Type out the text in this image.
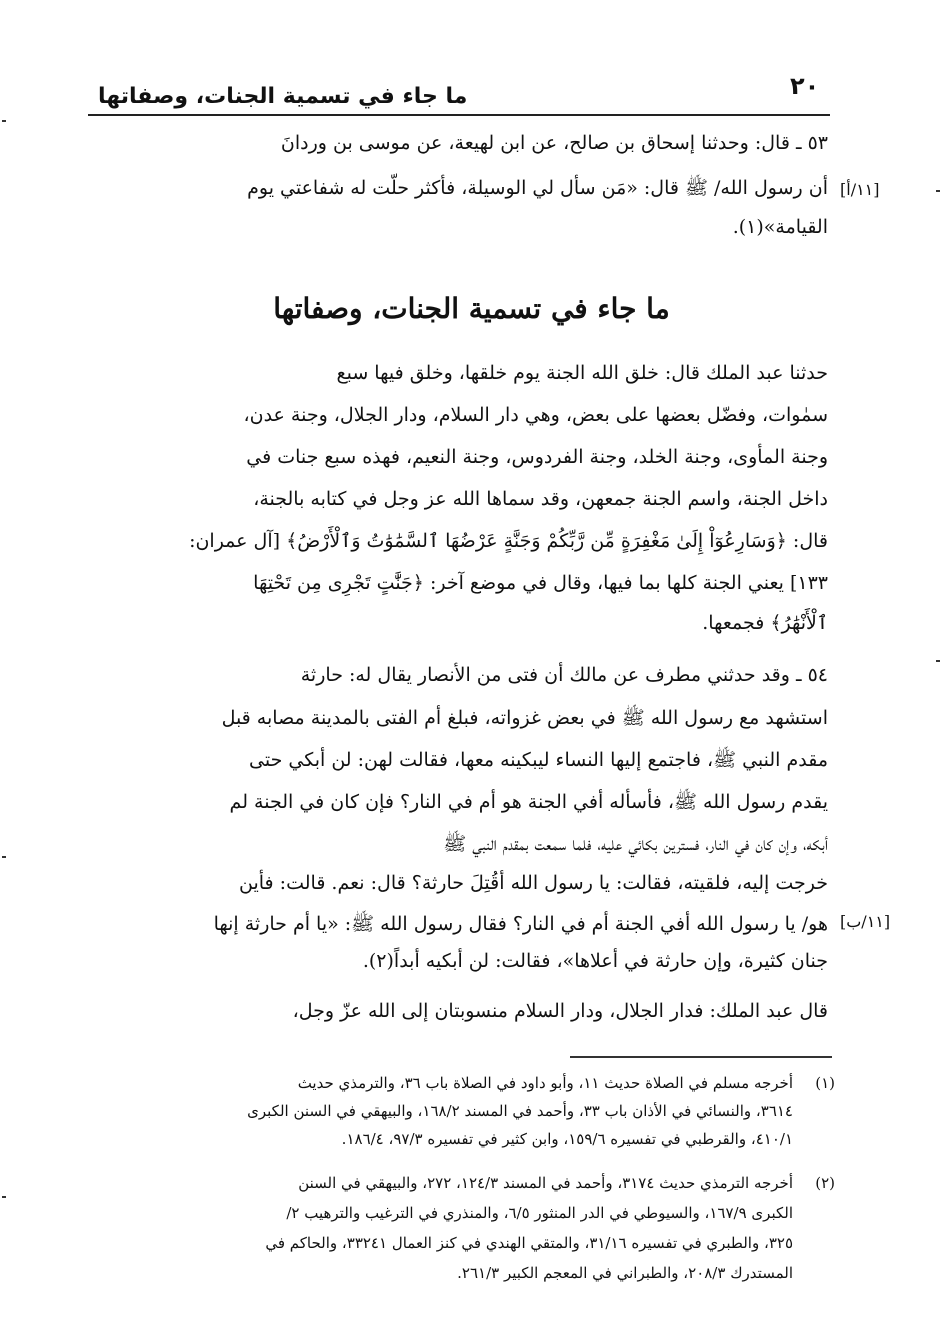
٢٠
ما جاء في تسمية الجنات، وصفاتها
٥٣ ـ قال: وحدثنا إسحاق بن صالح، عن ابن لهيعة، عن موسى بن وردانَ
أن رسول الله/ ﷺ قال: «مَن سأل لي الوسيلة، فأكثر حلّت له شفاعتي يوم
القيامة»(١).
[١١/أ]
ما جاء في تسمية الجنات، وصفاتها
حدثنا عبد الملك قال: خلق الله الجنة يوم خلقها، وخلق فيها سبع
سمٰوات، وفضّل بعضها على بعض، وهي دار السلام، ودار الجلال، وجنة عدن،
وجنة المأوى، وجنة الخلد، وجنة الفردوس، وجنة النعيم، فهذه سبع جنات في
داخل الجنة، واسم الجنة جمعهن، وقد سماها الله عز وجل في كتابه بالجنة،
قال: ﴿وَسَارِعُوٓاْ إِلَىٰ مَغْفِرَةٍ مِّن رَّبِّكُمْ وَجَنَّةٍ عَرْضُهَا ٱلسَّمَٰوَٰتُ وَٱلْأَرْضُ﴾ [آل عمران:
١٣٣] يعني الجنة كلها بما فيها، وقال في موضع آخر: ﴿جَنَّٰتٍ تَجْرِى مِن تَحْتِهَا
ٱلْأَنْهَٰرُ﴾ فجمعها.
٥٤ ـ وقد حدثني مطرف عن مالك أن فتى من الأنصار يقال له: حارثة
استشهد مع رسول الله ﷺ في بعض غزواته، فبلغ أم الفتى بالمدينة مصابه قبل
مقدم النبي ﷺ، فاجتمع إليها النساء ليبكينه معها، فقالت لهن: لن أبكي حتى
يقدم رسول الله ﷺ، فأسأله أفي الجنة هو أم في النار؟ فإن كان في الجنة لم
أبكه، وإن كان في النار، فسترين بكائي عليه، فلما سمعت بمقدم النبي ﷺ
خرجت إليه، فلقيته، فقالت: يا رسول الله أقُتِلَ حارثة؟ قال: نعم. قالت: فأين
هو/ يا رسول الله أفي الجنة أم في النار؟ فقال رسول الله ﷺ: «يا أم حارثة إنها
جنان كثيرة، وإن حارثة في أعلاها»، فقالت: لن أبكيه أبداً(٢).
[١١/ب]
قال عبد الملك: فدار الجلال، ودار السلام منسوبتان إلى الله عزّ وجل،
(١)
أخرجه مسلم في الصلاة حديث ١١، وأبو داود في الصلاة باب ٣٦، والترمذي حديث
٣٦١٤، والنسائي في الأذان باب ٣٣، وأحمد في المسند ١٦٨/٢، والبيهقي في السنن الكبرى
٤١٠/١، والقرطبي في تفسيره ١٥٩/٦، وابن كثير في تفسيره ٩٧/٣، ١٨٦/٤.
(٢)
أخرجه الترمذي حديث ٣١٧٤، وأحمد في المسند ١٢٤/٣، ٢٧٢، والبيهقي في السنن
الكبرى ١٦٧/٩، والسيوطي في الدر المنثور ٦/٥، والمنذري في الترغيب والترهيب ٢/
٣٢٥، والطبري في تفسيره ٣١/١٦، والمتقي الهندي في كنز العمال ٣٣٢٤١، والحاكم في
المستدرك ٢٠٨/٣، والطبراني في المعجم الكبير ٢٦١/٣.
